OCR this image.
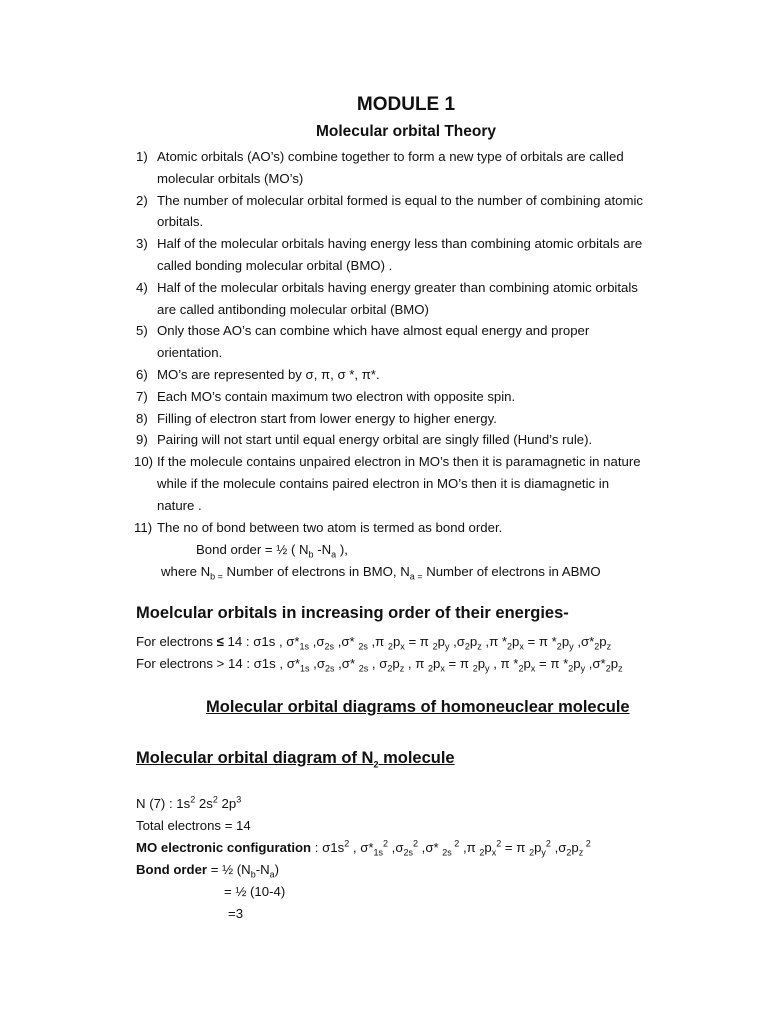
MODULE 1
Molecular orbital Theory
1) Atomic orbitals (AO’s) combine together to form a new type of orbitals are called
molecular orbitals (MO’s)
2) The number of molecular orbital formed is equal to the number of combining atomic
orbitals.
3) Half of the molecular orbitals having energy less than combining atomic orbitals are
called bonding molecular orbital (BMO) .
4) Half of the molecular orbitals having energy greater than combining atomic orbitals
are called antibonding molecular orbital (BMO)
5) Only those AO’s can combine which have almost equal energy and proper
orientation.
6) MO’s are represented by σ, π, σ *, π*.
7) Each MO’s contain maximum two electron with opposite spin.
8) Filling of electron start from lower energy to higher energy.
9) Pairing will not start until equal energy orbital are singly filled (Hund’s rule).
10) If the molecule contains unpaired electron in MO’s then it is paramagnetic in nature
while if the molecule contains paired electron in MO’s then it is diamagnetic in
nature .
11) The no of bond between two atom is termed as bond order.
Bond order = ½ ( $N_b$ $-N_a$ ),
where $N_{b =}$ Number of electrons in BMO, $N_{a =}$ Number of electrons in ABMO
Moelcular orbitals in increasing order of their energies-
For electrons ≤ 14 : σ1s , $\sigma*_{1s}$ $,\sigma_{2s}$ ,σ* $_{2s}$ ,π $_2p_x = \pi$ $_2p_y$ $,\sigma_2p_z$ ,π $*_2p_x = \pi$ $*_2p_y$ $,\sigma*_2p_z$
For electrons > 14 : σ1s , $\sigma*_{1s}$ $,\sigma_{2s}$ ,σ* $_{2s}$ , $\sigma_2p_z$ , π $_2p_x = \pi$ $_2p_y$ , π $*_2p_x = \pi$ $*_2p_y$ $,\sigma*_2p_z$
Molecular orbital diagrams of homoneuclear molecule
Molecular orbital diagram of $N_2$ molecule
N (7) : $1s^2$ $2s^2$ $2p^3$
Total electrons = 14
MO electronic configuration : $\sigma 1s^2$ , $\sigma*_{1s}^2$ $,\sigma_{2s}^2$ ,σ* $_{2s}$ $^2$ ,π $_2p_x^2 = \pi$ $_2p_y^2$ $,\sigma_2p_z$ $^2$
Bond order = ½ $(N_b-N_a)$
= ½ (10-4)
=3
